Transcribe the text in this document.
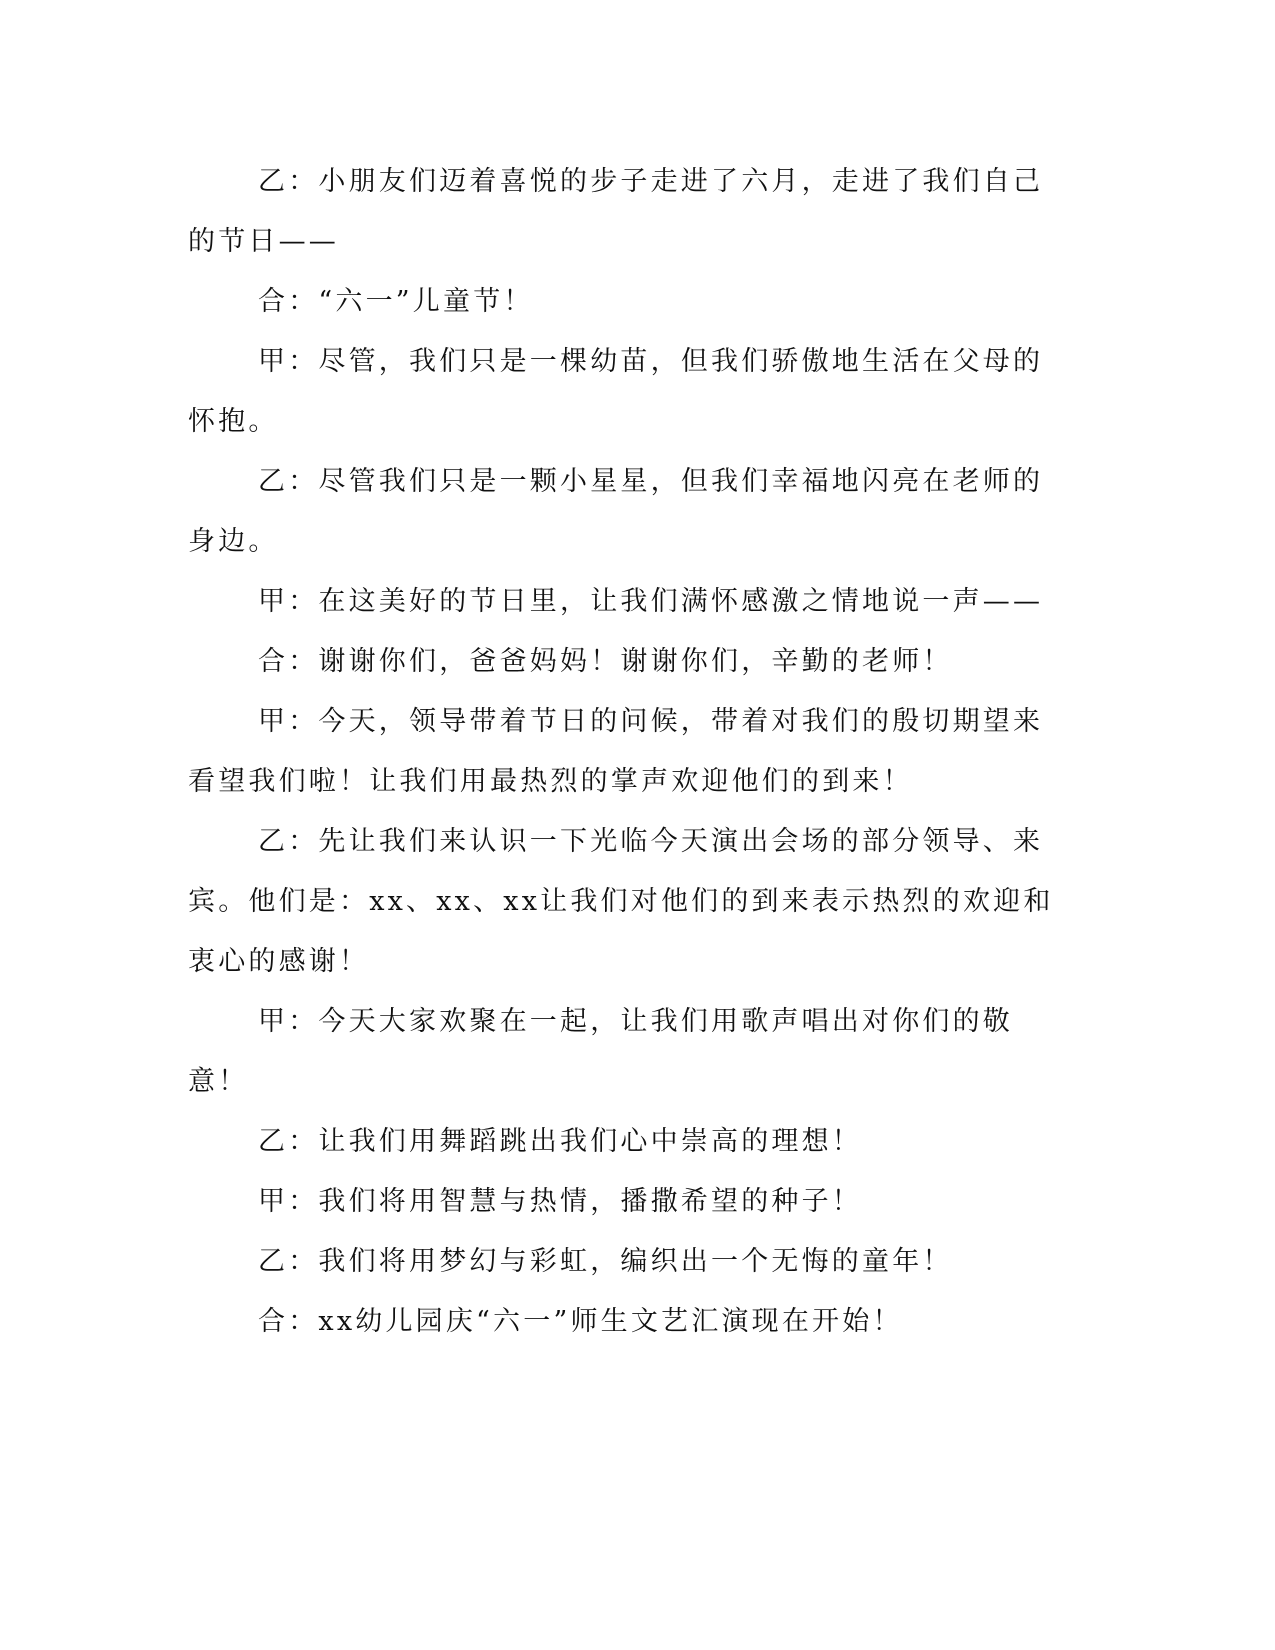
乙：小朋友们迈着喜悦的步子走进了六月，走进了我们自己的节日——

合：“六一”儿童节！

甲：尽管，我们只是一棵幼苗，但我们骄傲地生活在父母的怀抱。

乙：尽管我们只是一颗小星星，但我们幸福地闪亮在老师的身边。

甲：在这美好的节日里，让我们满怀感激之情地说一声——

合：谢谢你们，爸爸妈妈！谢谢你们，辛勤的老师！

甲：今天，领导带着节日的问候，带着对我们的殷切期望来看望我们啦！让我们用最热烈的掌声欢迎他们的到来！

乙：先让我们来认识一下光临今天演出会场的部分领导、来宾。他们是：xx、xx、xx让我们对他们的到来表示热烈的欢迎和衷心的感谢！

甲：今天大家欢聚在一起，让我们用歌声唱出对你们的敬意！

乙：让我们用舞蹈跳出我们心中崇高的理想！

甲：我们将用智慧与热情，播撒希望的种子！

乙：我们将用梦幻与彩虹，编织出一个无悔的童年！

合：xx幼儿园庆“六一”师生文艺汇演现在开始！
